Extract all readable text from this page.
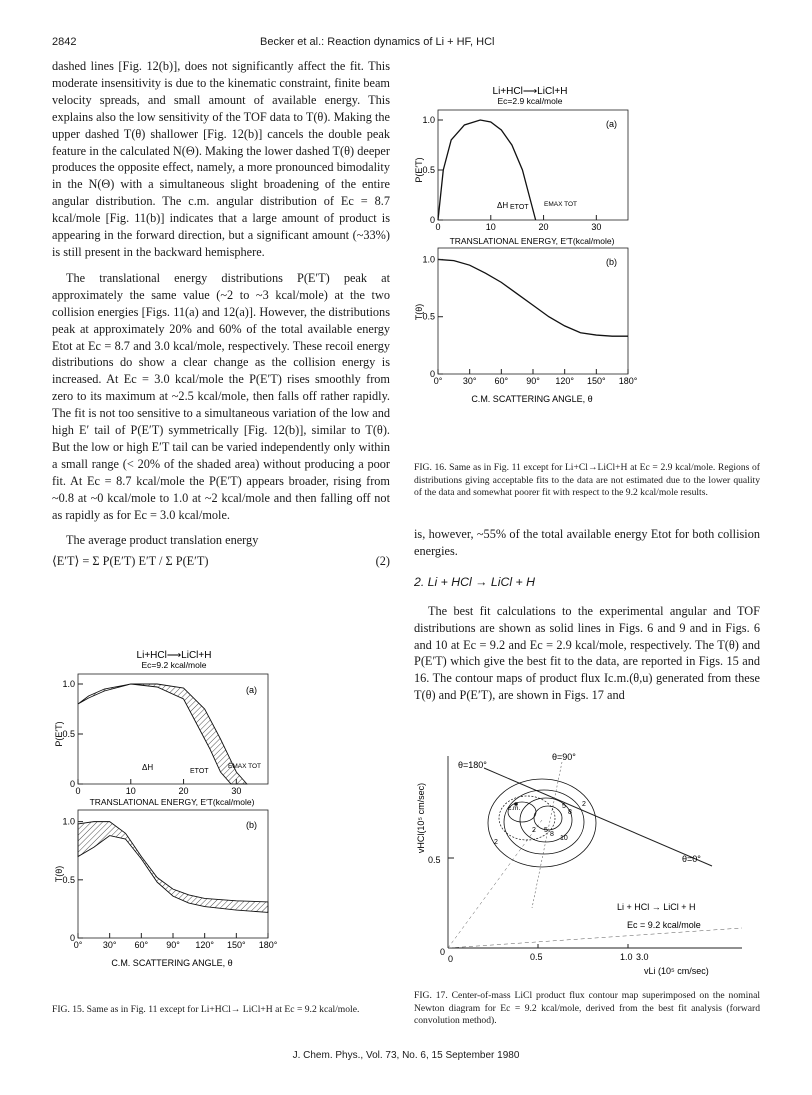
2842	Becker et al.: Reaction dynamics of Li + HF, HCl

dashed lines [Fig. 12(b)], does not significantly affect the fit. This moderate insensitivity is due to the kinematic constraint, finite beam velocity spreads, and small amount of available energy. This explains also the low sensitivity of the TOF data to T(θ). Making the upper dashed T(θ) shallower [Fig. 12(b)] cancels the double peak feature in the calculated N(Θ). Making the lower dashed T(θ) deeper produces the opposite effect, namely, a more pronounced bimodality in the N(Θ) with a simultaneous slight broadening of the entire angular distribution. The c.m. angular distribution of Ec = 8.7 kcal/mole [Fig. 11(b)] indicates that a large amount of product is appearing in the forward direction, but a significant amount (~33%) is still present in the backward hemisphere.

The translational energy distributions P(E′T) peak at approximately the same value (~2 to ~3 kcal/mole) at the two collision energies [Figs. 11(a) and 12(a)]. However, the distributions peak at approximately 20% and 60% of the total available energy Etot at Ec = 8.7 and 3.0 kcal/mole, respectively. These recoil energy distributions do show a clear change as the collision energy is increased. At Ec = 3.0 kcal/mole the P(E′T) rises smoothly from zero to its maximum at ~2.5 kcal/mole, then falls off rather rapidly. The fit is not too sensitive to a simultaneous variation of the low and high E′ tail of P(E′T) symmetrically [Fig. 12(b)], similar to T(θ). But the low or high E′T tail can be varied independently only within a small range (< 20% of the shaded area) without producing a poor fit. At Ec = 8.7 kcal/mole the P(E′T) appears broader, rising from ~0.8 at ~0 kcal/mole to 1.0 at ~2 kcal/mole and then falling off not as rapidly as for Ec = 3.0 kcal/mole.

The average product translation energy

⟨E′T⟩ = Σ P(E′T) E′T / Σ P(E′T)	(2)
Li+HCl⟶LiCl+H
Ec=2.9 kcal/mole
(a)
P(E′T)
0
0.5
1.0
0	10	20	30
ΔH ETOT EMAX TOT
TRANSLATIONAL ENERGY, E′T(kcal/mole)
(b)
T(θ)
0
0.5
1.0
0° 30° 60° 90° 120° 150° 180°
C.M. SCATTERING ANGLE, θ
FIG. 16. Same as in Fig. 11 except for Li+Cl→LiCl+H at Ec = 2.9 kcal/mole. Regions of distributions giving acceptable fits to the data are not estimated due to the lower quality of the data and somewhat poorer fit with respect to the 9.2 kcal/mole results.

is, however, ~55% of the total available energy Etot for both collision energies.

2. Li + HCl → LiCl + H

The best fit calculations to the experimental angular and TOF distributions are shown as solid lines in Figs. 6 and 9 and in Figs. 6 and 10 at Ec = 9.2 and Ec = 2.9 kcal/mole, respectively. The T(θ) and P(E′T) which give the best fit to the data, are reported in Figs. 15 and 16. The contour maps of product flux Ic.m.(θ,u) generated from these T(θ) and P(E′T), are shown in Figs. 17 and

Li+HCl⟶LiCl+H
Ec=9.2 kcal/mole
(a)
P(E′T)
0
0.5
1.0
0	10	20	30
ΔH	ETOT
EMAX TOT
TRANSLATIONAL ENERGY, E′T(kcal/mole)
(b)
T(θ)
0
0.5
1.0
0° 30° 60° 90° 120° 150° 180°
C.M. SCATTERING ANGLE, θ
FIG. 15. Same as in Fig. 11 except for Li+HCl→ LiCl+H at Ec = 9.2 kcal/mole.
0.5
0
0	0.5	1.0 3.0
vHCl(10⁵ cm/sec)
vLi (10⁵ cm/sec)
c.m.
θ=90°
θ=180°
θ=0°
2
5
8
10
5
8
2
2
Li + HCl → LiCl + H
Ec = 9.2 kcal/mole
FIG. 17. Center-of-mass LiCl product flux contour map superimposed on the nominal Newton diagram for Ec = 9.2 kcal/mole, derived from the best fit analysis (forward convolution method).
J. Chem. Phys., Vol. 73, No. 6, 15 September 1980
